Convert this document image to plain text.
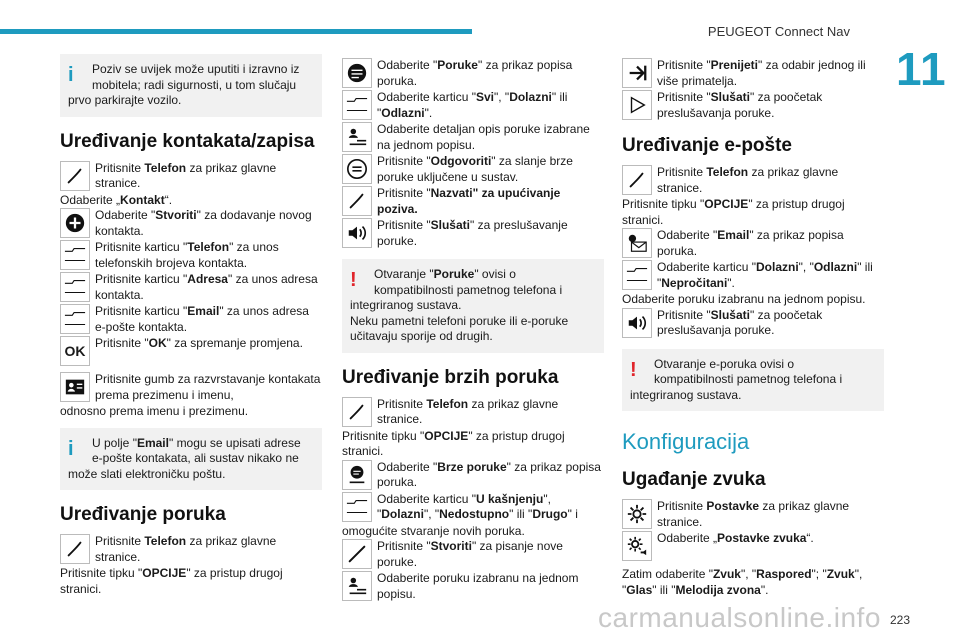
PEUGEOT Connect Nav
11
i	Poziv se uvijek može uputiti i izravno iz mobitela; radi sigurnosti, u tom slučaju

prvo parkirajte vozilo.

Uređivanje kontakata/zapisa

Pritisnite Telefon za prikaz glavne stranice.

Odaberite „Kontakt“.

Odaberite "Stvoriti" za dodavanje novog kontakta.

Pritisnite karticu "Telefon" za unos telefonskih brojeva kontakta.

Pritisnite karticu "Adresa" za unos adresa kontakta.

Pritisnite karticu "Email" za unos adresa e-pošte kontakta.

OK Pritisnite "OK" za spremanje promjena.

Pritisnite gumb za razvrstavanje kontakata prema prezimenu i imenu,

odnosno prema imenu i prezimenu.

i	U polje "Email" mogu se upisati adrese e-pošte kontakata, ali sustav nikako ne

može slati elektroničku poštu.

Uređivanje poruka

Pritisnite Telefon za prikaz glavne stranice.

Pritisnite tipku "OPCIJE" za pristup drugoj stranici.

Odaberite "Poruke" za prikaz popisa poruka.

Odaberite karticu "Svi", "Dolazni" ili "Odlazni".

Odaberite detaljan opis poruke izabrane na jednom popisu.

Pritisnite "Odgovoriti" za slanje brze poruke uključene u sustav.

Pritisnite "Nazvati" za upućivanje poziva.

Pritisnite "Slušati" za preslušavanje poruke.

!	Otvaranje "Poruke" ovisi o kompatibilnosti pametnog telefona i

integriranog sustava.

Neku pametni telefoni poruke ili e-poruke učitavaju sporije od drugih.

Uređivanje brzih poruka

Pritisnite Telefon za prikaz glavne stranice.

Pritisnite tipku "OPCIJE" za pristup drugoj stranici.

Odaberite "Brze poruke" za prikaz popisa poruka.

Odaberite karticu "U kašnjenju",
"Dolazni", "Nedostupno" ili "Drugo" i

omogućite stvaranje novih poruka.

Pritisnite "Stvoriti" za pisanje nove poruke.

Odaberite poruku izabranu na jednom popisu.

Pritisnite "Prenijeti" za odabir jednog ili više primatelja.

Pritisnite "Slušati" za poočetak preslušavanja poruke.

Uređivanje e-pošte

Pritisnite Telefon za prikaz glavne stranice.

Pritisnite tipku "OPCIJE" za pristup drugoj stranici.

Odaberite "Email" za prikaz popisa poruka.

Odaberite karticu "Dolazni", "Odlazni" ili
"Nepročitani".

Odaberite poruku izabranu na jednom popisu.

Pritisnite "Slušati" za poočetak preslušavanja poruke.

!	Otvaranje e-poruka ovisi o kompatibilnosti pametnog telefona i

integriranog sustava.

Konfiguracija
Ugađanje zvuka

Pritisnite Postavke za prikaz glavne stranice.

Odaberite „Postavke zvuka“.

Zatim odaberite "Zvuk", "Raspored"; "Zvuk",
"Glas" ili "Melodija zvona".

carmanualsonline.info 223
